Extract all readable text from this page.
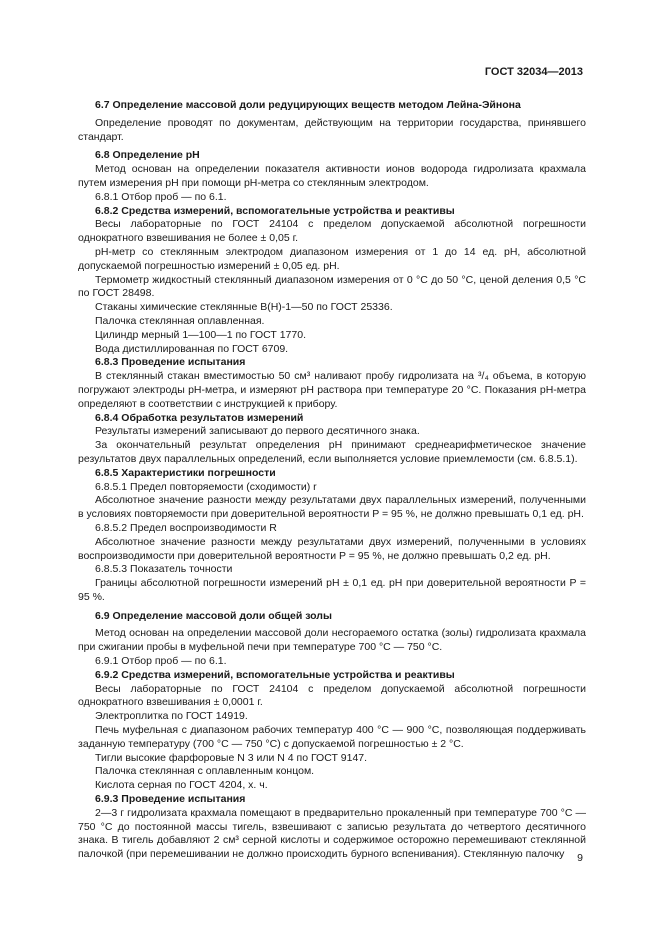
ГОСТ 32034—2013

6.7 Определение массовой доли редуцирующих веществ методом Лейна-Эйнона

Определение проводят по документам, действующим на территории государства, принявшего стандарт.

6.8 Определение pH

Метод основан на определении показателя активности ионов водорода гидролизата крахмала путем измерения pH при помощи pH-метра со стеклянным электродом.

6.8.1 Отбор проб — по 6.1.

6.8.2 Средства измерений, вспомогательные устройства и реактивы

Весы лабораторные по ГОСТ 24104 с пределом допускаемой абсолютной погрешности однократного взвешивания не более ± 0,05 г.

pH-метр со стеклянным электродом диапазоном измерения от 1 до 14 ед. pH, абсолютной допускаемой погрешностью измерений ± 0,05 ед. pH.

Термометр жидкостный стеклянный диапазоном измерения от 0 °С до 50 °С, ценой деления 0,5 °С по ГОСТ 28498.

Стаканы химические стеклянные В(Н)-1—50 по ГОСТ 25336.

Палочка стеклянная оплавленная.

Цилиндр мерный 1—100—1 по ГОСТ 1770.

Вода дистиллированная по ГОСТ 6709.

6.8.3 Проведение испытания

В стеклянный стакан вместимостью 50 см³ наливают пробу гидролизата на ³/₄ объема, в которую погружают электроды pH-метра, и измеряют pH раствора при температуре 20 °С. Показания pH-метра определяют в соответствии с инструкцией к прибору.

6.8.4 Обработка результатов измерений

Результаты измерений записывают до первого десятичного знака.

За окончательный результат определения pH принимают среднеарифметическое значение результатов двух параллельных определений, если выполняется условие приемлемости (см. 6.8.5.1).

6.8.5 Характеристики погрешности

6.8.5.1 Предел повторяемости (сходимости) r

Абсолютное значение разности между результатами двух параллельных измерений, полученными в условиях повторяемости при доверительной вероятности P = 95 %, не должно превышать 0,1 ед. pH.

6.8.5.2 Предел воспроизводимости R

Абсолютное значение разности между результатами двух измерений, полученными в условиях воспроизводимости при доверительной вероятности P = 95 %, не должно превышать 0,2 ед. pH.

6.8.5.3 Показатель точности

Границы абсолютной погрешности измерений pH ± 0,1 ед. pH при доверительной вероятности P = 95 %.

6.9 Определение массовой доли общей золы

Метод основан на определении массовой доли несгораемого остатка (золы) гидролизата крахмала при сжигании пробы в муфельной печи при температуре 700 °С — 750 °С.

6.9.1 Отбор проб — по 6.1.

6.9.2 Средства измерений, вспомогательные устройства и реактивы

Весы лабораторные по ГОСТ 24104 с пределом допускаемой абсолютной погрешности однократного взвешивания ± 0,0001 г.

Электроплитка по ГОСТ 14919.

Печь муфельная с диапазоном рабочих температур 400 °С — 900 °С, позволяющая поддерживать заданную температуру (700 °С — 750 °С) с допускаемой погрешностью ± 2 °С.

Тигли высокие фарфоровые N 3 или N 4 по ГОСТ 9147.

Палочка стеклянная с оплавленным концом.

Кислота серная по ГОСТ 4204, х. ч.

6.9.3 Проведение испытания

2—3 г гидролизата крахмала помещают в предварительно прокаленный при температуре 700 °С — 750 °С до постоянной массы тигель, взвешивают с записью результата до четвертого десятичного знака. В тигель добавляют 2 см³ серной кислоты и содержимое осторожно перемешивают стеклянной палочкой (при перемешивании не должно происходить бурного вспенивания). Стеклянную палочку	9
